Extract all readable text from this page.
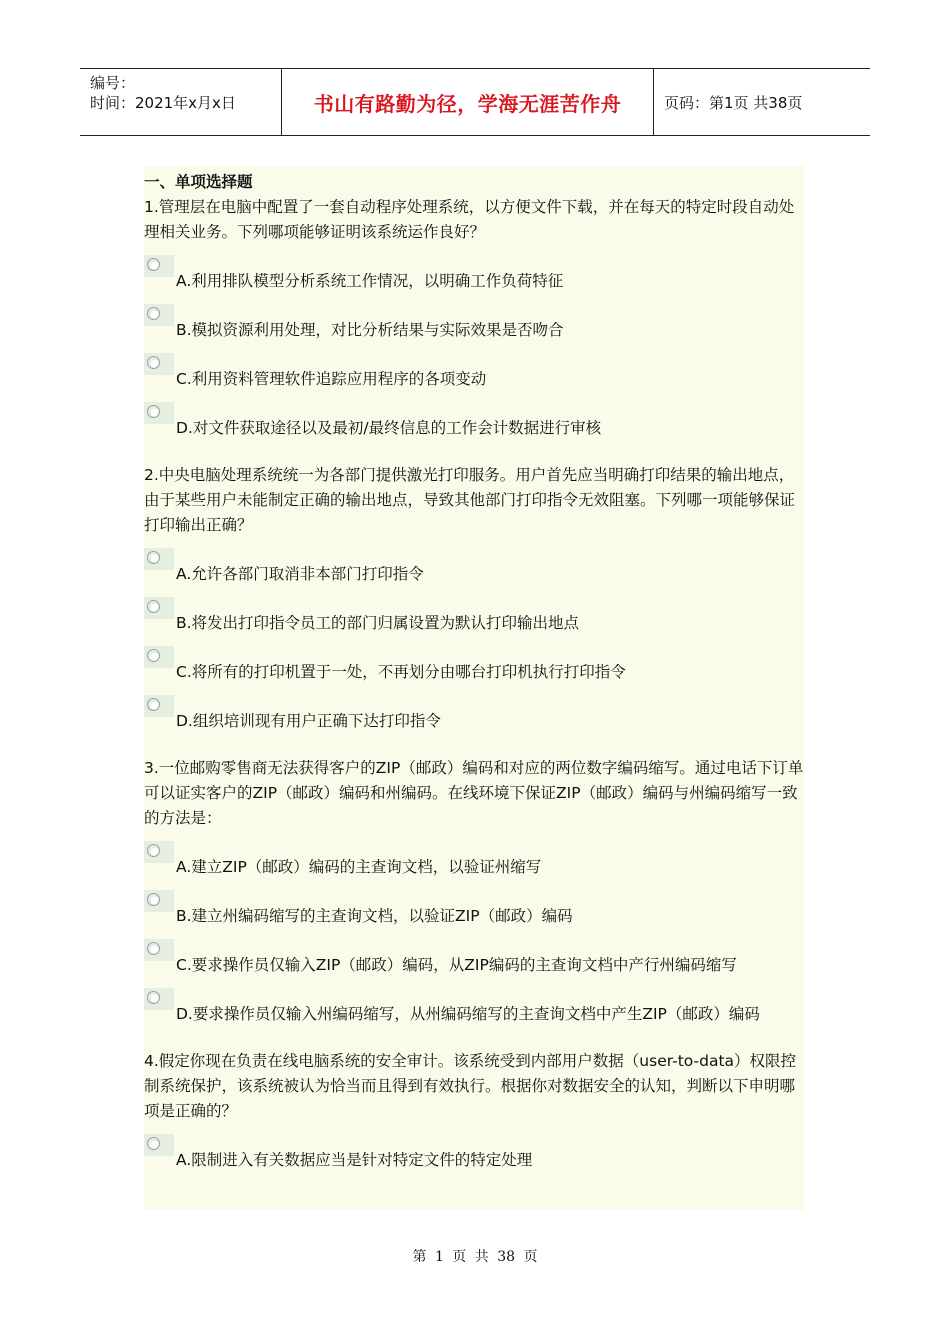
编号：
时间：2021年x月x日	书山有路勤为径，学海无涯苦作舟	页码：第1页 共38页
一、单项选择题
1.管理层在电脑中配置了一套自动程序处理系统，以方便文件下载，并在每天的特定时段自动处理相关业务。下列哪项能够证明该系统运作良好？
A.利用排队模型分析系统工作情况，以明确工作负荷特征
B.模拟资源利用处理，对比分析结果与实际效果是否吻合
C.利用资料管理软件追踪应用程序的各项变动
D.对文件获取途径以及最初/最终信息的工作会计数据进行审核
2.中央电脑处理系统统一为各部门提供激光打印服务。用户首先应当明确打印结果的输出地点，由于某些用户未能制定正确的输出地点，导致其他部门打印指令无效阻塞。下列哪一项能够保证打印输出正确？
A.允许各部门取消非本部门打印指令
B.将发出打印指令员工的部门归属设置为默认打印输出地点
C.将所有的打印机置于一处，不再划分由哪台打印机执行打印指令
D.组织培训现有用户正确下达打印指令
3.一位邮购零售商无法获得客户的ZIP（邮政）编码和对应的两位数字编码缩写。通过电话下订单可以证实客户的ZIP（邮政）编码和州编码。在线环境下保证ZIP（邮政）编码与州编码缩写一致的方法是：
A.建立ZIP（邮政）编码的主查询文档，以验证州缩写
B.建立州编码缩写的主查询文档，以验证ZIP（邮政）编码
C.要求操作员仅输入ZIP（邮政）编码，从ZIP编码的主查询文档中产行州编码缩写
D.要求操作员仅输入州编码缩写，从州编码缩写的主查询文档中产生ZIP（邮政）编码
4.假定你现在负责在线电脑系统的安全审计。该系统受到内部用户数据（user-to-data）权限控制系统保护，该系统被认为恰当而且得到有效执行。根据你对数据安全的认知，判断以下申明哪项是正确的？
A.限制进入有关数据应当是针对特定文件的特定处理
第 1 页 共 38 页
